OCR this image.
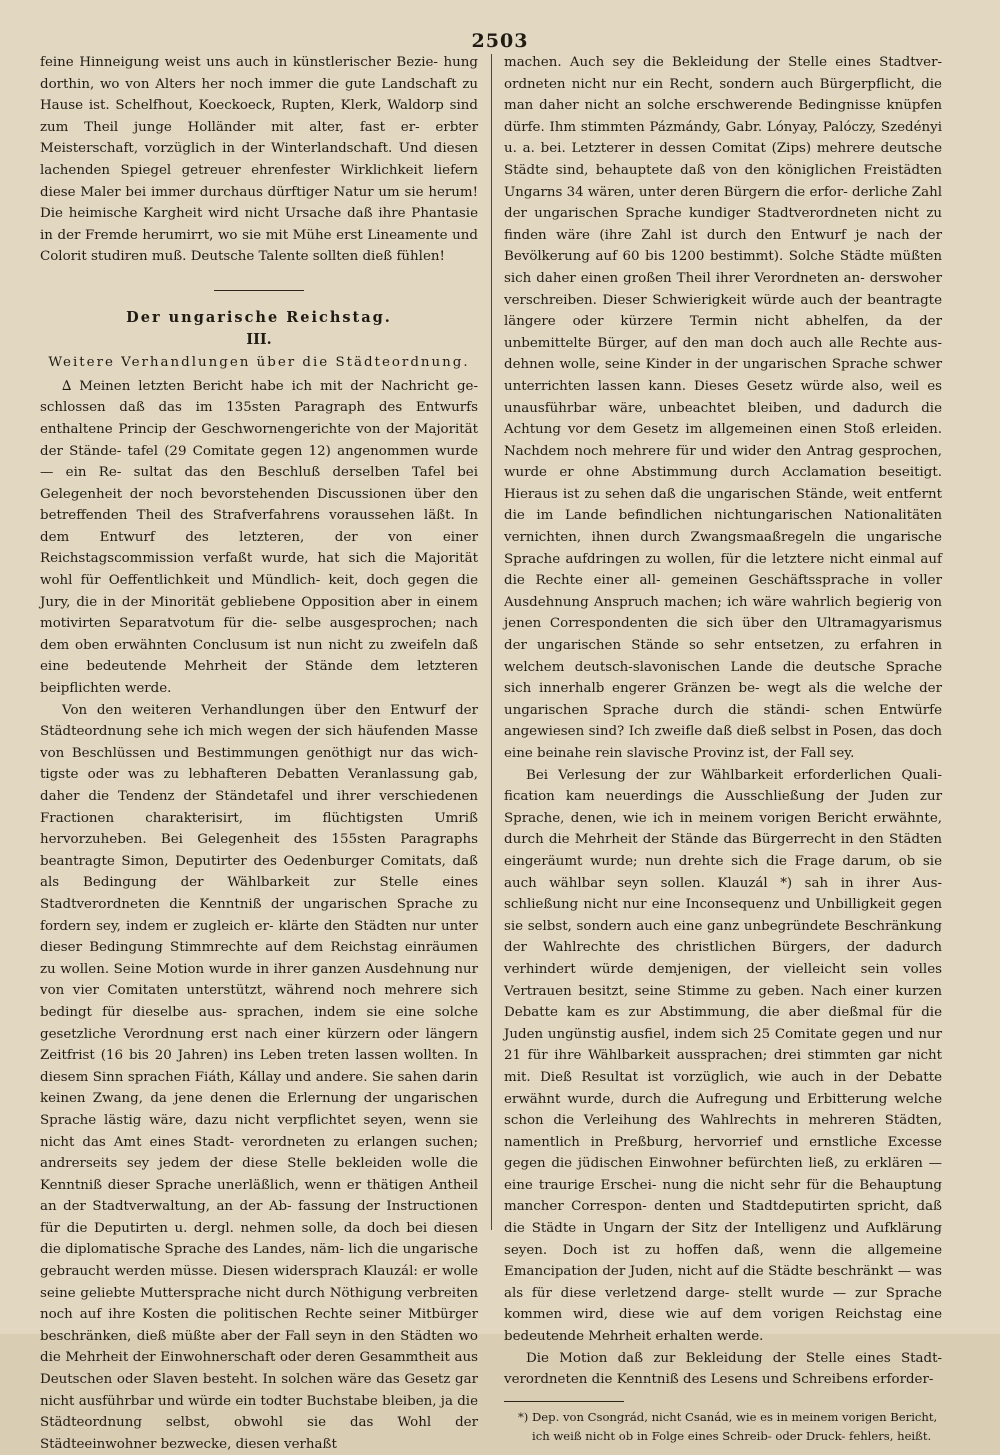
2503

feine Hinneigung weist uns auch in künstlerischer Bezie- hung dorthin, wo von Alters her noch immer die gute Landschaft zu Hause ist. Schelfhout, Koeckoeck, Rupten, Klerk, Waldorp sind zum Theil junge Holländer mit alter, fast er- erbter Meisterschaft, vorzüglich in der Winterlandschaft. Und diesen lachenden Spiegel getreuer ehrenfester Wirklichkeit liefern diese Maler bei immer durchaus dürftiger Natur um sie herum! Die heimische Kargheit wird nicht Ursache daß ihre Phantasie in der Fremde herumirrt, wo sie mit Mühe erst Lineamente und Colorit studiren muß. Deutsche Talente sollten dieß fühlen!

Der ungarische Reichstag.

III.

Weitere Verhandlungen über die Städteordnung.

∆ Meinen letzten Bericht habe ich mit der Nachricht ge- schlossen daß das im 135sten Paragraph des Entwurfs enthaltene Princip der Geschwornengerichte von der Majorität der Stände- tafel (29 Comitate gegen 12) angenommen wurde — ein Re- sultat das den Beschluß derselben Tafel bei Gelegenheit der noch bevorstehenden Discussionen über den betreffenden Theil des Strafverfahrens voraussehen läßt. In dem Entwurf des letzteren, der von einer Reichstagscommission verfaßt wurde, hat sich die Majorität wohl für Oeffentlichkeit und Mündlich- keit, doch gegen die Jury, die in der Minorität gebliebene Opposition aber in einem motivirten Separatvotum für die- selbe ausgesprochen; nach dem oben erwähnten Conclusum ist nun nicht zu zweifeln daß eine bedeutende Mehrheit der Stände dem letzteren beipflichten werde.

Von den weiteren Verhandlungen über den Entwurf der Städteordnung sehe ich mich wegen der sich häufenden Masse von Beschlüssen und Bestimmungen genöthigt nur das wich- tigste oder was zu lebhafteren Debatten Veranlassung gab, daher die Tendenz der Ständetafel und ihrer verschiedenen Fractionen charakterisirt, im flüchtigsten Umriß hervorzuheben. Bei Gelegenheit des 155sten Paragraphs beantragte Simon, Deputirter des Oedenburger Comitats, daß als Bedingung der Wählbarkeit zur Stelle eines Stadtverordneten die Kenntniß der ungarischen Sprache zu fordern sey, indem er zugleich er- klärte den Städten nur unter dieser Bedingung Stimmrechte auf dem Reichstag einräumen zu wollen. Seine Motion wurde in ihrer ganzen Ausdehnung nur von vier Comitaten unterstützt, während noch mehrere sich bedingt für dieselbe aus- sprachen, indem sie eine solche gesetzliche Verordnung erst nach einer kürzern oder längern Zeitfrist (16 bis 20 Jahren) ins Leben treten lassen wollten. In diesem Sinn sprachen Fiáth, Kállay und andere. Sie sahen darin keinen Zwang, da jene denen die Erlernung der ungarischen Sprache lästig wäre, dazu nicht verpflichtet seyen, wenn sie nicht das Amt eines Stadt- verordneten zu erlangen suchen; andrerseits sey jedem der diese Stelle bekleiden wolle die Kenntniß dieser Sprache unerläßlich, wenn er thätigen Antheil an der Stadtverwaltung, an der Ab- fassung der Instructionen für die Deputirten u. dergl. nehmen solle, da doch bei diesen die diplomatische Sprache des Landes, näm- lich die ungarische gebraucht werden müsse. Diesen widersprach Klauzál: er wolle seine geliebte Muttersprache nicht durch Nöthigung verbreiten noch auf ihre Kosten die politischen Rechte seiner Mitbürger beschränken, dieß müßte aber der Fall seyn in den Städten wo die Mehrheit der Einwohnerschaft oder deren Gesammtheit aus Deutschen oder Slaven besteht. In solchen wäre das Gesetz gar nicht ausführbar und würde ein todter Buchstabe bleiben, ja die Städteordnung selbst, obwohl sie das Wohl der Städteeinwohner bezwecke, diesen verhaßt

machen. Auch sey die Bekleidung der Stelle eines Stadtver- ordneten nicht nur ein Recht, sondern auch Bürgerpflicht, die man daher nicht an solche erschwerende Bedingnisse knüpfen dürfe. Ihm stimmten Pázmándy, Gabr. Lónyay, Palóczy, Szedényi u. a. bei. Letzterer in dessen Comitat (Zips) mehrere deutsche Städte sind, behauptete daß von den königlichen Freistädten Ungarns 34 wären, unter deren Bürgern die erfor- derliche Zahl der ungarischen Sprache kundiger Stadtverordneten nicht zu finden wäre (ihre Zahl ist durch den Entwurf je nach der Bevölkerung auf 60 bis 1200 bestimmt). Solche Städte müßten sich daher einen großen Theil ihrer Verordneten an- derswoher verschreiben. Dieser Schwierigkeit würde auch der beantragte längere oder kürzere Termin nicht abhelfen, da der unbemittelte Bürger, auf den man doch auch alle Rechte aus- dehnen wolle, seine Kinder in der ungarischen Sprache schwer unterrichten lassen kann. Dieses Gesetz würde also, weil es unausführbar wäre, unbeachtet bleiben, und dadurch die Achtung vor dem Gesetz im allgemeinen einen Stoß erleiden. Nachdem noch mehrere für und wider den Antrag gesprochen, wurde er ohne Abstimmung durch Acclamation beseitigt. Hieraus ist zu sehen daß die ungarischen Stände, weit entfernt die im Lande befindlichen nichtungarischen Nationalitäten vernichten, ihnen durch Zwangsmaaßregeln die ungarische Sprache aufdringen zu wollen, für die letztere nicht einmal auf die Rechte einer all- gemeinen Geschäftssprache in voller Ausdehnung Anspruch machen; ich wäre wahrlich begierig von jenen Correspondenten die sich über den Ultramagyarismus der ungarischen Stände so sehr entsetzen, zu erfahren in welchem deutsch-slavonischen Lande die deutsche Sprache sich innerhalb engerer Gränzen be- wegt als die welche der ungarischen Sprache durch die ständi- schen Entwürfe angewiesen sind? Ich zweifle daß dieß selbst in Posen, das doch eine beinahe rein slavische Provinz ist, der Fall sey.

Bei Verlesung der zur Wählbarkeit erforderlichen Quali- fication kam neuerdings die Ausschließung der Juden zur Sprache, denen, wie ich in meinem vorigen Bericht erwähnte, durch die Mehrheit der Stände das Bürgerrecht in den Städten eingeräumt wurde; nun drehte sich die Frage darum, ob sie auch wählbar seyn sollen. Klauzál *) sah in ihrer Aus- schließung nicht nur eine Inconsequenz und Unbilligkeit gegen sie selbst, sondern auch eine ganz unbegründete Beschränkung der Wahlrechte des christlichen Bürgers, der dadurch verhindert würde demjenigen, der vielleicht sein volles Vertrauen besitzt, seine Stimme zu geben. Nach einer kurzen Debatte kam es zur Abstimmung, die aber dießmal für die Juden ungünstig ausfiel, indem sich 25 Comitate gegen und nur 21 für ihre Wählbarkeit aussprachen; drei stimmten gar nicht mit. Dieß Resultat ist vorzüglich, wie auch in der Debatte erwähnt wurde, durch die Aufregung und Erbitterung welche schon die Verleihung des Wahlrechts in mehreren Städten, namentlich in Preßburg, hervorrief und ernstliche Excesse gegen die jüdischen Einwohner befürchten ließ, zu erklären — eine traurige Erschei- nung die nicht sehr für die Behauptung mancher Correspon- denten und Stadtdeputirten spricht, daß die Städte in Ungarn der Sitz der Intelligenz und Aufklärung seyen. Doch ist zu hoffen daß, wenn die allgemeine Emancipation der Juden, nicht auf die Städte beschränkt — was als für diese verletzend darge- stellt wurde — zur Sprache kommen wird, diese wie auf dem vorigen Reichstag eine bedeutende Mehrheit erhalten werde.

Die Motion daß zur Bekleidung der Stelle eines Stadt- verordneten die Kenntniß des Lesens und Schreibens erforder-

*) Dep. von Csongrád, nicht Csanád, wie es in meinem vorigen Bericht, ich weiß nicht ob in Folge eines Schreib- oder Druck- fehlers, heißt.
